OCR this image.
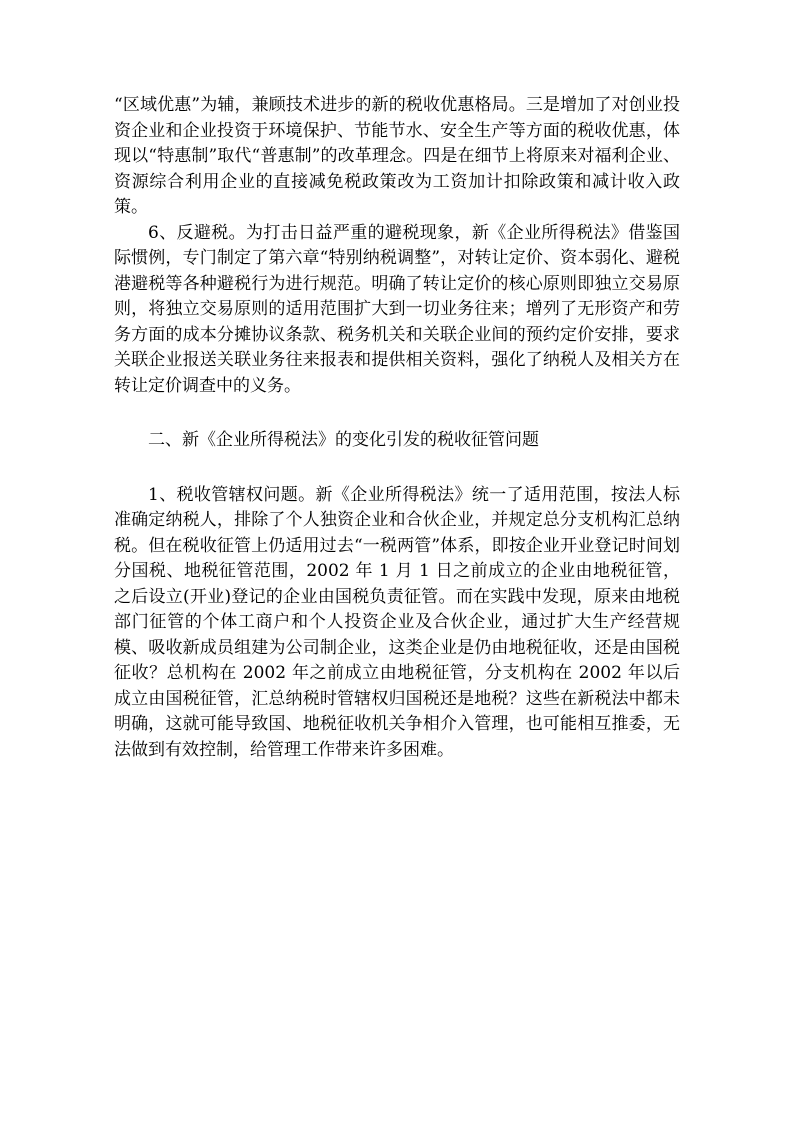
“区域优惠”为辅，兼顾技术进步的新的税收优惠格局。三是增加了对创业投资企业和企业投资于环境保护、节能节水、安全生产等方面的税收优惠，体现以“特惠制”取代“普惠制”的改革理念。四是在细节上将原来对福利企业、资源综合利用企业的直接减免税政策改为工资加计扣除政策和减计收入政策。

6、反避税。为打击日益严重的避税现象，新《企业所得税法》借鉴国际惯例，专门制定了第六章“特别纳税调整”，对转让定价、资本弱化、避税港避税等各种避税行为进行规范。明确了转让定价的核心原则即独立交易原则，将独立交易原则的适用范围扩大到一切业务往来；增列了无形资产和劳务方面的成本分摊协议条款、税务机关和关联企业间的预约定价安排，要求关联企业报送关联业务往来报表和提供相关资料，强化了纳税人及相关方在转让定价调查中的义务。

二、新《企业所得税法》的变化引发的税收征管问题

1、税收管辖权问题。新《企业所得税法》统一了适用范围，按法人标准确定纳税人，排除了个人独资企业和合伙企业，并规定总分支机构汇总纳税。但在税收征管上仍适用过去“一税两管”体系，即按企业开业登记时间划分国税、地税征管范围，2002 年 1 月 1 日之前成立的企业由地税征管，之后设立(开业)登记的企业由国税负责征管。而在实践中发现，原来由地税部门征管的个体工商户和个人投资企业及合伙企业，通过扩大生产经营规模、吸收新成员组建为公司制企业，这类企业是仍由地税征收，还是由国税征收？总机构在 2002 年之前成立由地税征管，分支机构在 2002 年以后成立由国税征管，汇总纳税时管辖权归国税还是地税？这些在新税法中都未明确，这就可能导致国、地税征收机关争相介入管理，也可能相互推委，无法做到有效控制，给管理工作带来许多困难。
